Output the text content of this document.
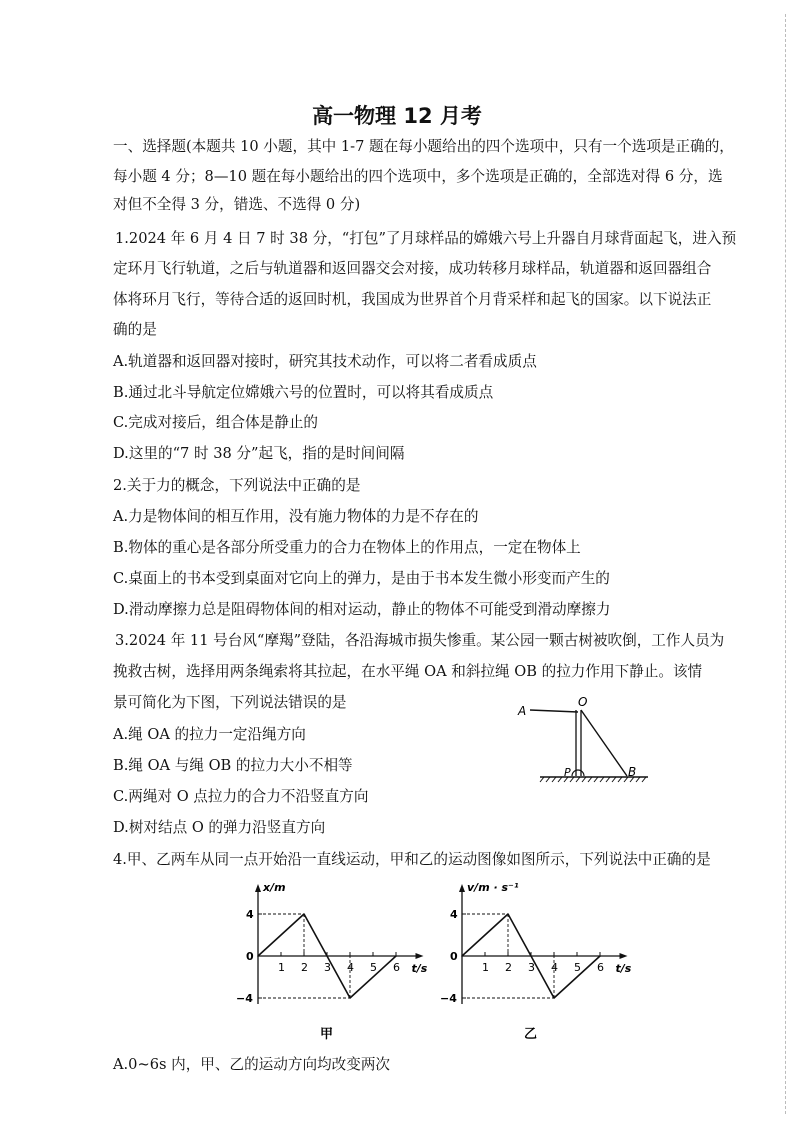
高一物理 12 月考
一、选择题(本题共 10 小题，其中 1-7 题在每小题给出的四个选项中，只有一个选项是正确的，
每小题 4 分；8—10 题在每小题给出的四个选项中，多个选项是正确的，全部选对得 6 分，选
对但不全得 3 分，错选、不选得 0 分)
1.2024 年 6 月 4 日 7 时 38 分，“打包”了月球样品的嫦娥六号上升器自月球背面起飞，进入预
定环月飞行轨道，之后与轨道器和返回器交会对接，成功转移月球样品，轨道器和返回器组合
体将环月飞行，等待合适的返回时机，我国成为世界首个月背采样和起飞的国家。以下说法正
确的是
A.轨道器和返回器对接时，研究其技术动作，可以将二者看成质点
B.通过北斗导航定位嫦娥六号的位置时，可以将其看成质点
C.完成对接后，组合体是静止的
D.这里的“7 时 38 分”起飞，指的是时间间隔
2.关于力的概念，下列说法中正确的是
A.力是物体间的相互作用，没有施力物体的力是不存在的
B.物体的重心是各部分所受重力的合力在物体上的作用点，一定在物体上
C.桌面上的书本受到桌面对它向上的弹力，是由于书本发生微小形变而产生的
D.滑动摩擦力总是阻碍物体间的相对运动，静止的物体不可能受到滑动摩擦力
3.2024 年 11 号台风“摩羯”登陆，各沿海城市损失惨重。某公园一颗古树被吹倒，工作人员为
挽救古树，选择用两条绳索将其拉起，在水平绳 OA 和斜拉绳 OB 的拉力作用下静止。该情
景可简化为下图，下列说法错误的是
A.绳 OA 的拉力一定沿绳方向
B.绳 OA 与绳 OB 的拉力大小不相等
C.两绳对 O 点拉力的合力不沿竖直方向
D.树对结点 O 的弹力沿竖直方向
A
O
P	B
4.甲、乙两车从同一点开始沿一直线运动，甲和乙的运动图像如图所示，下列说法中正确的是
x/m
t/s
1 2 3 4 5 6
4
0
−4
甲
v/m · s⁻¹
t/s
1 2 3 4 5 6
4
0
−4
乙
A.0~6s 内，甲、乙的运动方向均改变两次
